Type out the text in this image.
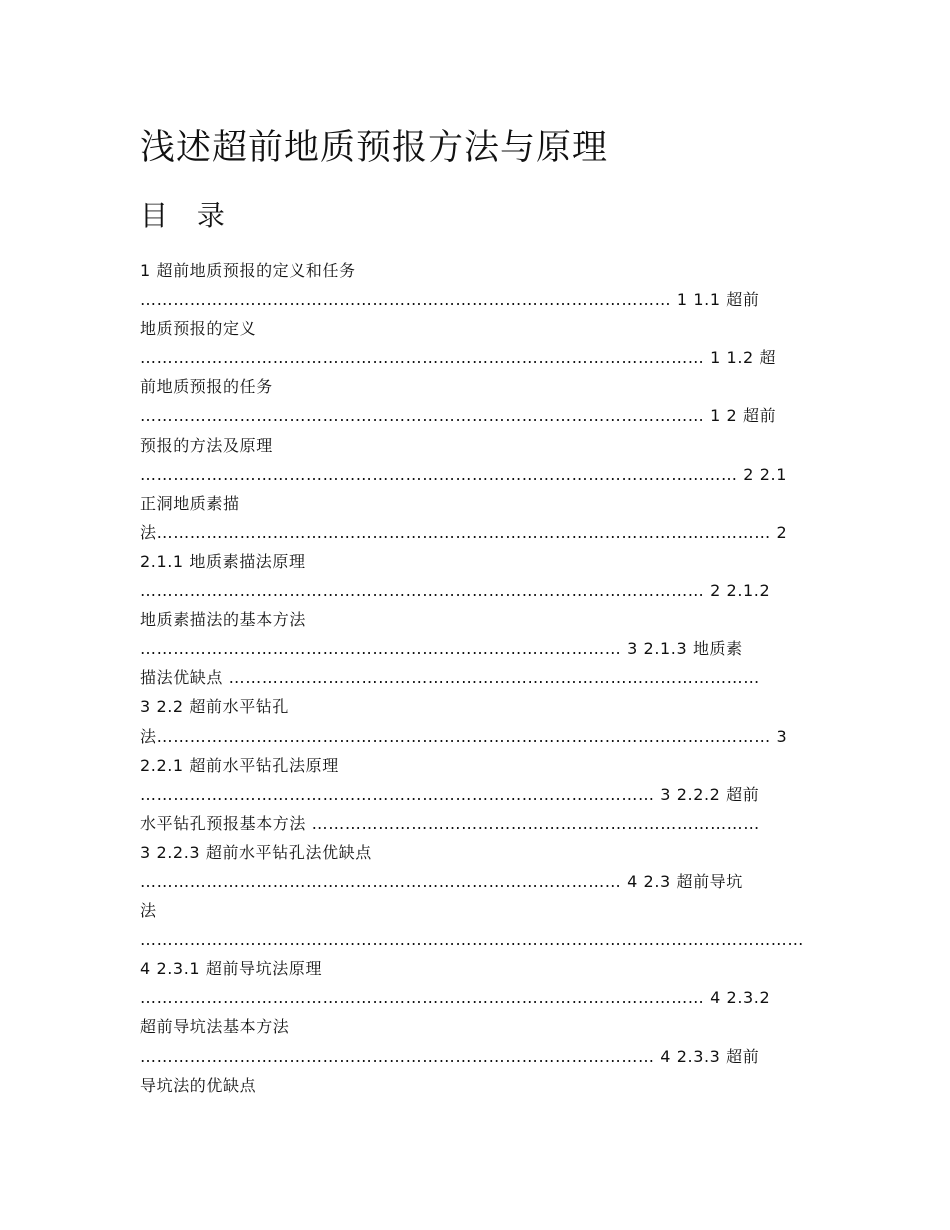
浅述超前地质预报方法与原理
目 录
1 超前地质预报的定义和任务
…………………………………………………………………………………… 1 1.1 超前
地质预报的定义
………………………………………………………………………………………… 1 1.2 超
前地质预报的任务
………………………………………………………………………………………… 1 2 超前
预报的方法及原理
……………………………………………………………………………………………… 2 2.1
正洞地质素描
法………………………………………………………………………………………………… 2
2.1.1 地质素描法原理
………………………………………………………………………………………… 2 2.1.2
地质素描法的基本方法
…………………………………………………………………………… 3 2.1.3 地质素
描法优缺点 ……………………………………………………………………………………
3 2.2 超前水平钻孔
法………………………………………………………………………………………………… 3
2.2.1 超前水平钻孔法原理
………………………………………………………………………………… 3 2.2.2 超前
水平钻孔预报基本方法 ………………………………………………………………………
3 2.2.3 超前水平钻孔法优缺点
…………………………………………………………………………… 4 2.3 超前导坑
法
…………………………………………………………………………………………………………
4 2.3.1 超前导坑法原理
………………………………………………………………………………………… 4 2.3.2
超前导坑法基本方法
………………………………………………………………………………… 4 2.3.3 超前
导坑法的优缺点
